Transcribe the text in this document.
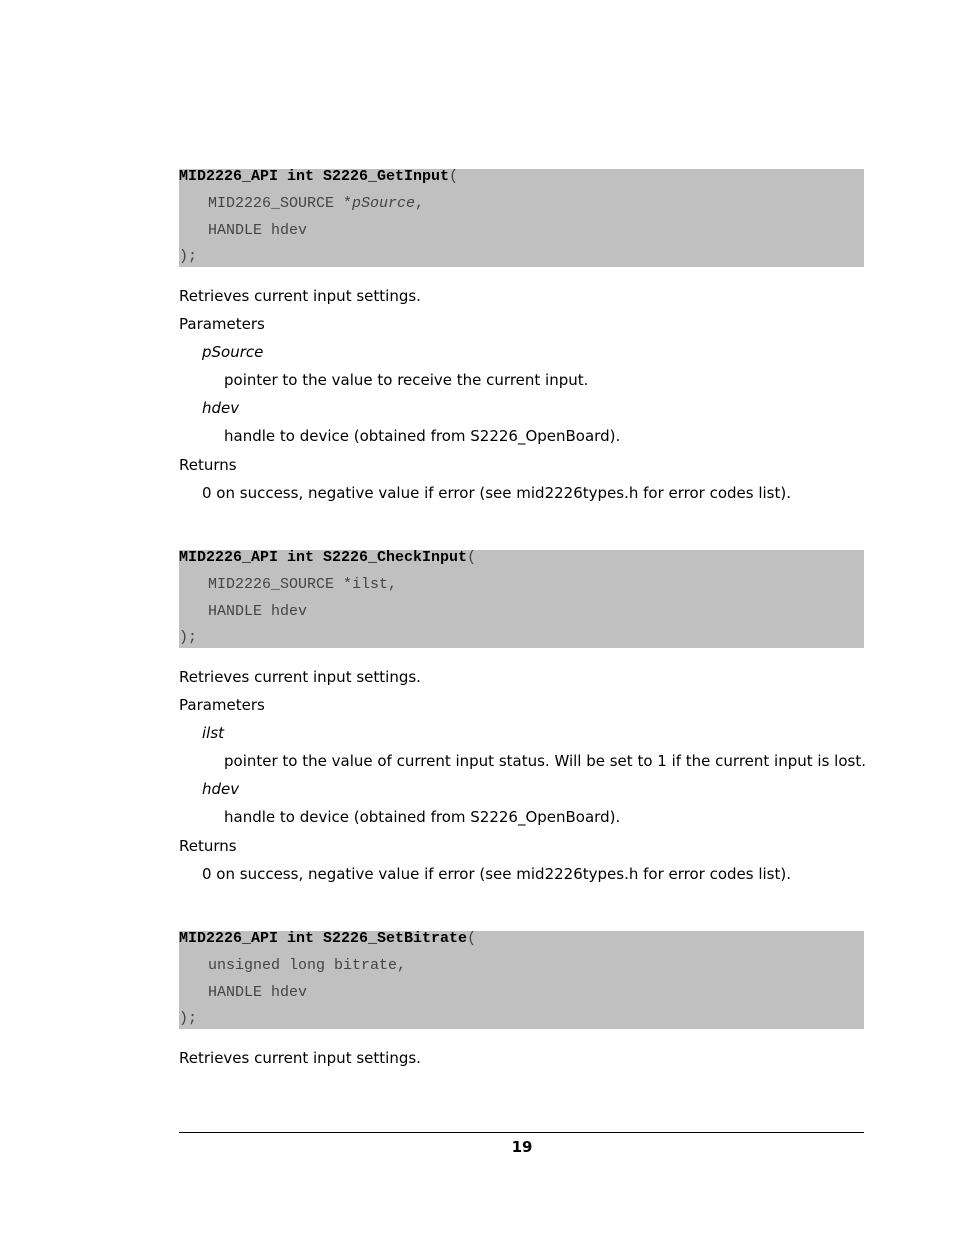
MID2226_API int S2226_GetInput(
MID2226_SOURCE *pSource,
HANDLE hdev
);
Retrieves current input settings.
Parameters
pSource
pointer to the value to receive the current input.
hdev
handle to device (obtained from S2226_OpenBoard).
Returns
0 on success, negative value if error (see mid2226types.h for error codes list).
MID2226_API int S2226_CheckInput(
MID2226_SOURCE *ilst,
HANDLE hdev
);
Retrieves current input settings.
Parameters
ilst
pointer to the value of current input status. Will be set to 1 if the current input is lost.
hdev
handle to device (obtained from S2226_OpenBoard).
Returns
0 on success, negative value if error (see mid2226types.h for error codes list).
MID2226_API int S2226_SetBitrate(
unsigned long bitrate,
HANDLE hdev
);
Retrieves current input settings.
19
